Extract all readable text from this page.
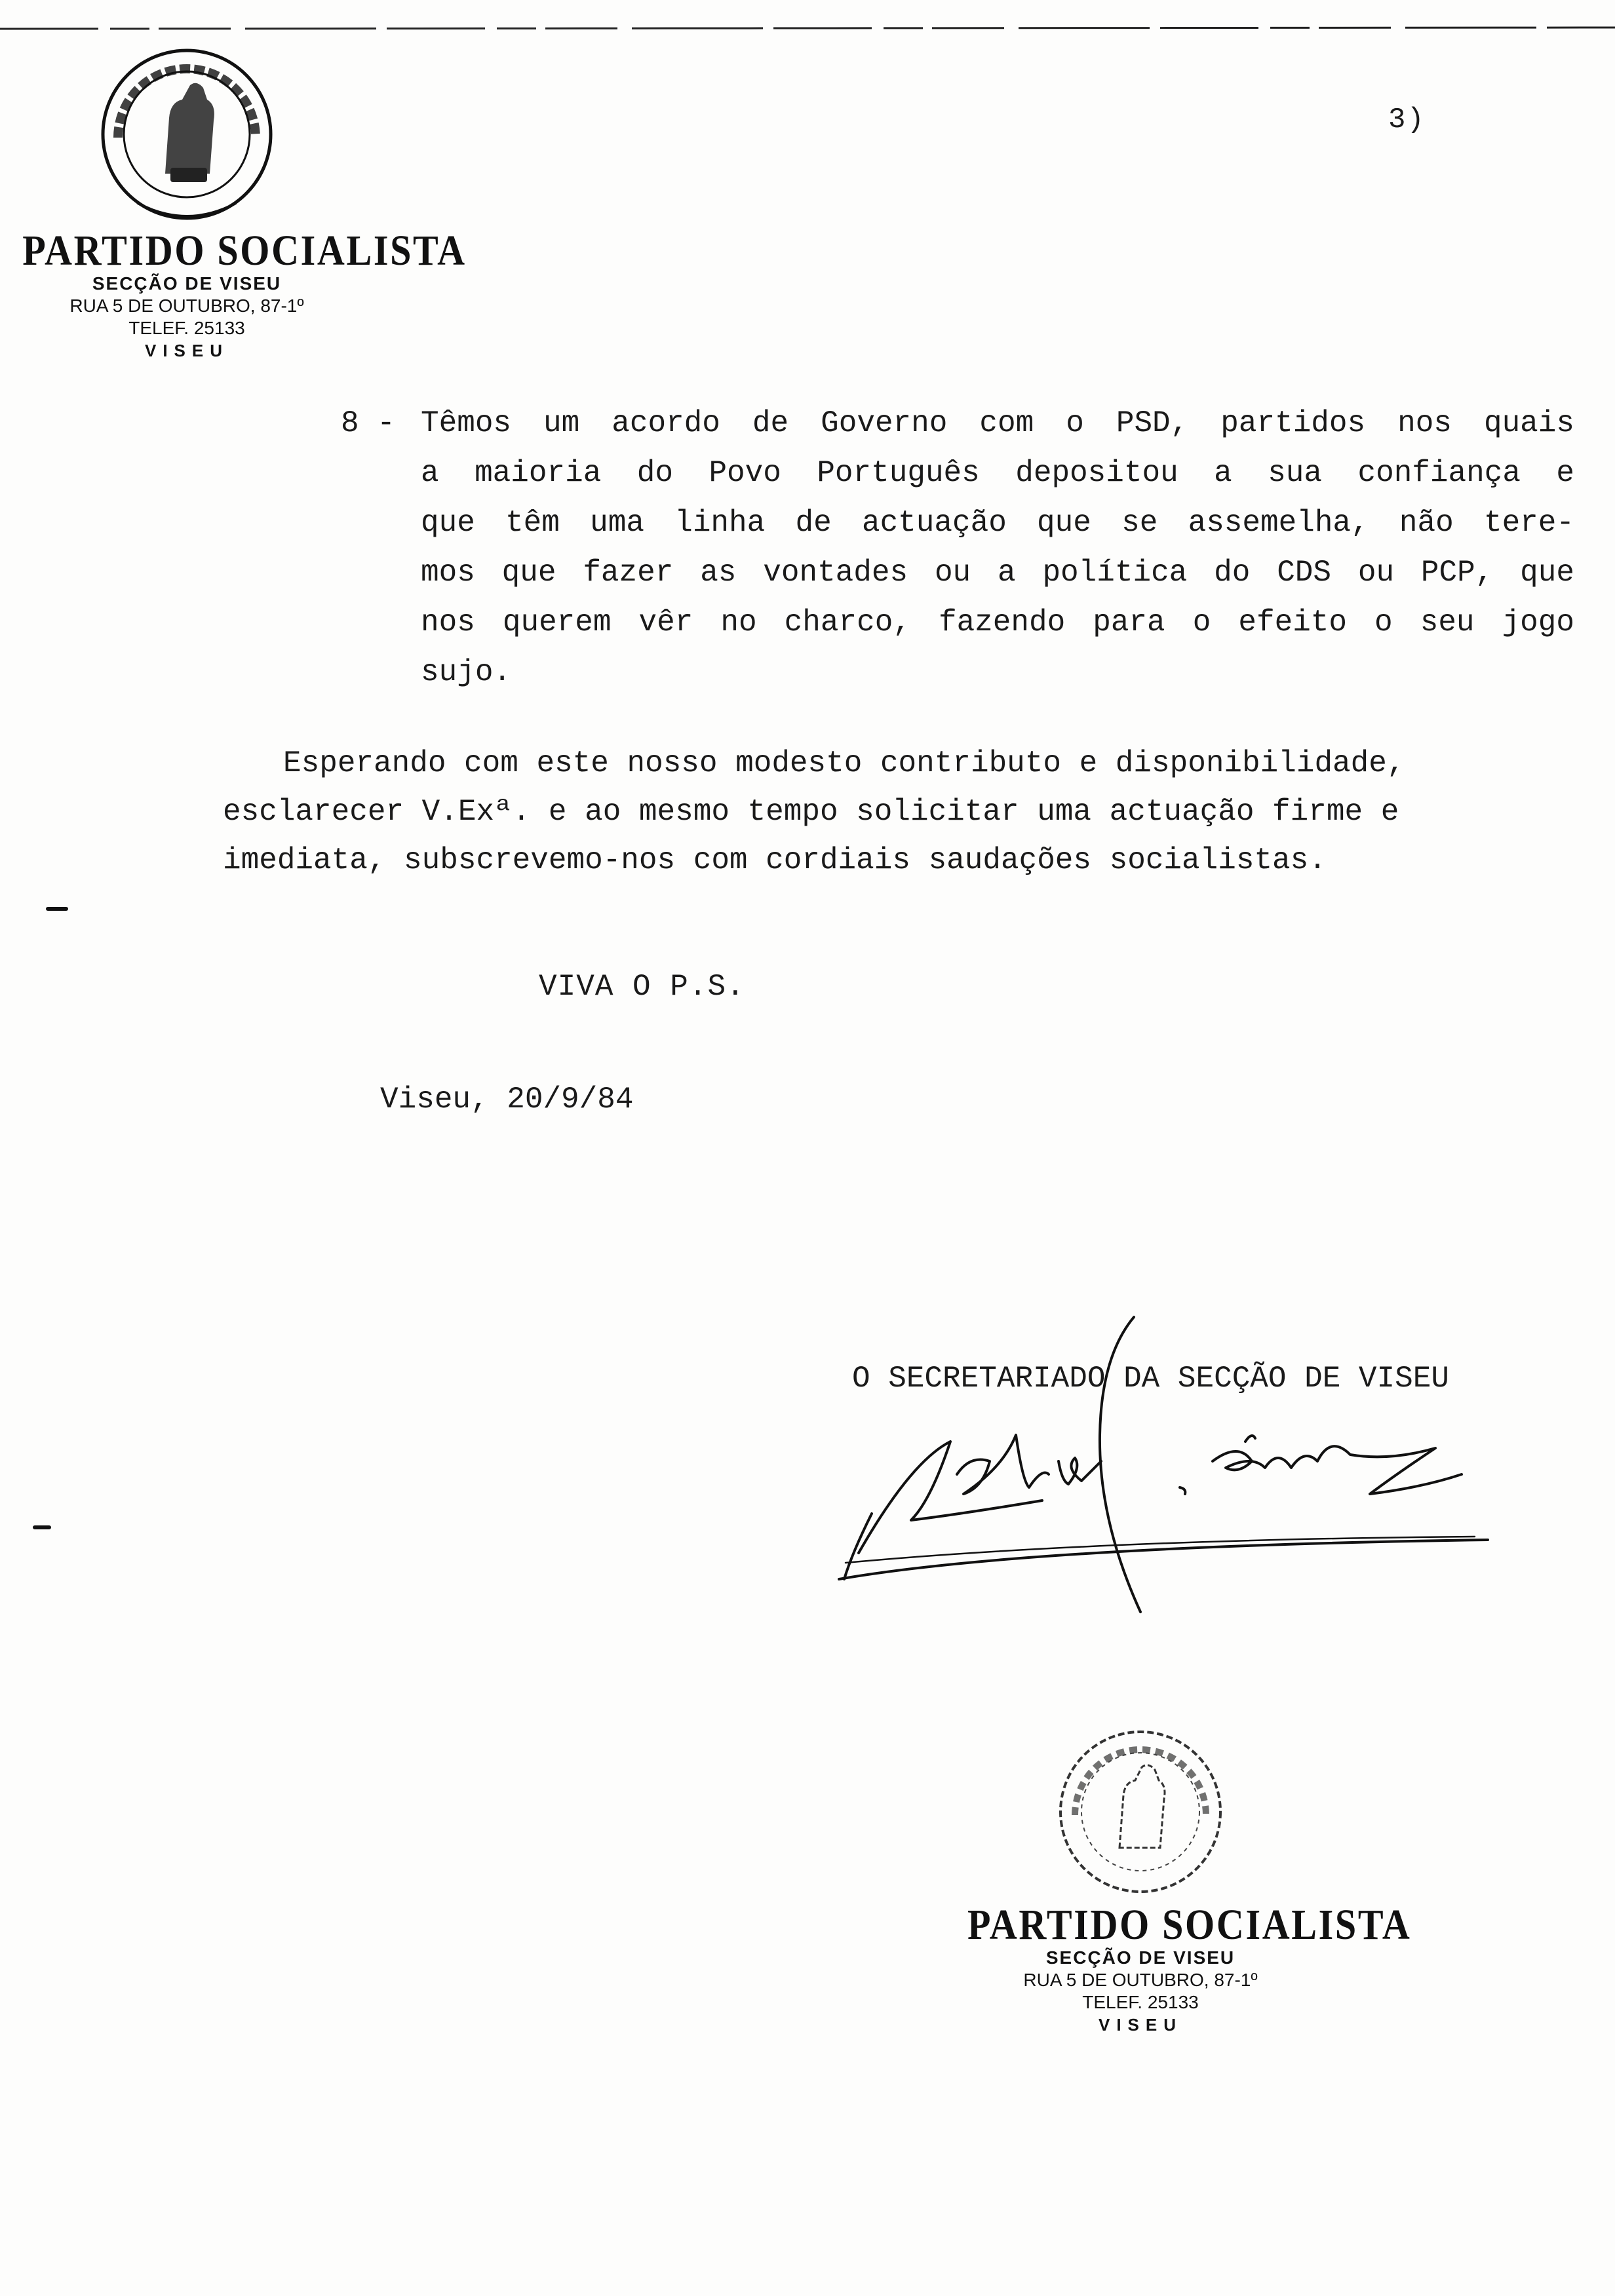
3)
PARTIDO SOCIALISTA
SECÇÃO DE VISEU
RUA 5 DE OUTUBRO, 87-1º
TELEF. 25133
VISEU
8 - Têmos um acordo de Governo com o PSD, partidos nos quais
a maioria do Povo Português depositou a sua confiança e
que têm uma linha de actuação que se assemelha, não tere-
mos que fazer as vontades ou a política do CDS ou PCP, que
nos querem vêr no charco, fazendo para o efeito o seu jogo
sujo.
Esperando com este nosso modesto contributo e disponibilidade,
esclarecer V.Exª. e ao mesmo tempo solicitar uma actuação firme e
imediata, subscrevemo-nos com cordiais saudações socialistas.
VIVA O P.S.
Viseu, 20/9/84
O SECRETARIADO DA SECÇÃO DE VISEU
PARTIDO SOCIALISTA
SECÇÃO DE VISEU
RUA 5 DE OUTUBRO, 87-1º
TELEF. 25133
VISEU
